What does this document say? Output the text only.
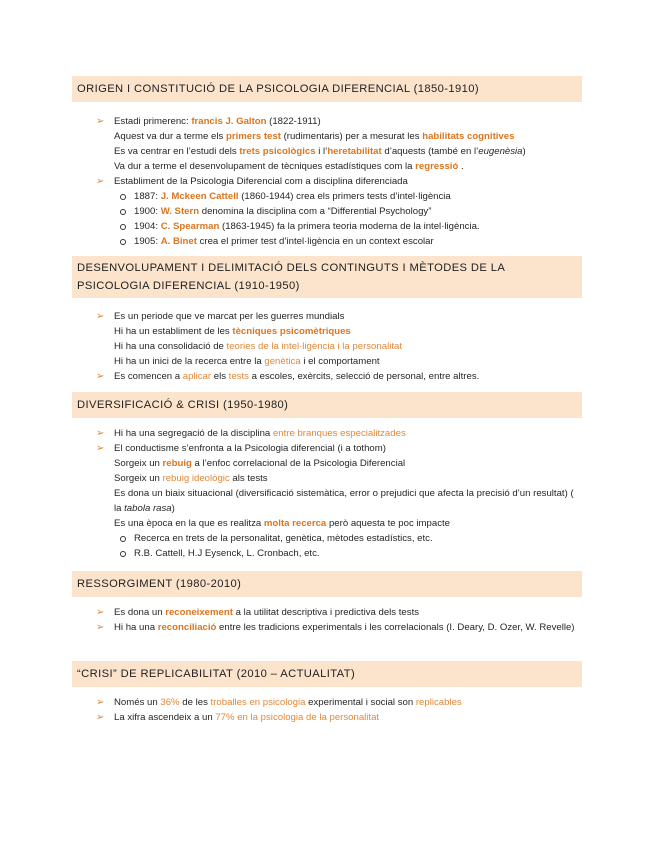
ORIGEN I CONSTITUCIÓ DE LA PSICOLOGIA DIFERENCIAL (1850-1910)
➢ Estadi primerenc: francis J. Galton (1822-1911)
Aquest va dur a terme els primers test (rudimentaris) per a mesurat les habilitats cognitives
Es va centrar en l’estudi dels trets psicològics i l’heretabilitat d’aquests (també en l’eugenèsia)
Va dur a terme el desenvolupament de tècniques estadístiques com la regressió .
➢ Establiment de la Psicologia Diferencial com a disciplina diferenciada
1887: J. Mckeen Cattell (1860-1944) crea els primers tests d’intel·ligència
1900: W. Stern denomina la disciplina com a “Differential Psychology”
1904: C. Spearman (1863-1945) fa la primera teoria moderna de la intel·ligència.
1905: A. Binet crea el primer test d’intel·ligència en un context escolar
DESENVOLUPAMENT I DELIMITACIÓ DELS CONTINGUTS I MÈTODES DE LA
PSICOLOGIA DIFERENCIAL (1910-1950)
➢ Es un periode que ve marcat per les guerres mundials
Hi ha un establiment de les tècniques psicomètriques
Hi ha una consolidació de teories de la intel·ligència i la personalitat
Hi ha un inici de la recerca entre la genètica i el comportament
➢ Es comencen a aplicar els tests a escoles, exèrcits, selecció de personal, entre altres.
DIVERSIFICACIÓ & CRISI (1950-1980)
➢ Hi ha una segregació de la disciplina entre branques especialitzades
➢ El conductisme s’enfronta a la Psicologia diferencial (i a tothom)
Sorgeix un rebuig a l’enfoc correlacional de la Psicologia Diferencial
Sorgeix un rebuig ideològic als tests
Es dona un biaix situacional (diversificació sistemàtica, error o prejudici que afecta la precisió d’un resultat) ( la tabola rasa)
Es una època en la que es realitza molta recerca però aquesta te poc impacte
Recerca en trets de la personalitat, genètica, mètodes estadístics, etc.
R.B. Cattell, H.J Eysenck, L. Cronbach, etc.
RESSORGIMENT (1980-2010)
➢ Es dona un reconeixement a la utilitat descriptiva i predictiva dels tests
➢ Hi ha una reconciliació entre les tradicions experimentals i les correlacionals (I. Deary, D. Ozer, W. Revelle)
“CRISI” DE REPLICABILITAT (2010 – ACTUALITAT)
➢ Només un 36% de les troballes en psicologia experimental i social son replicables
➢ La xifra ascendeix a un 77% en la psicologia de la personalitat
